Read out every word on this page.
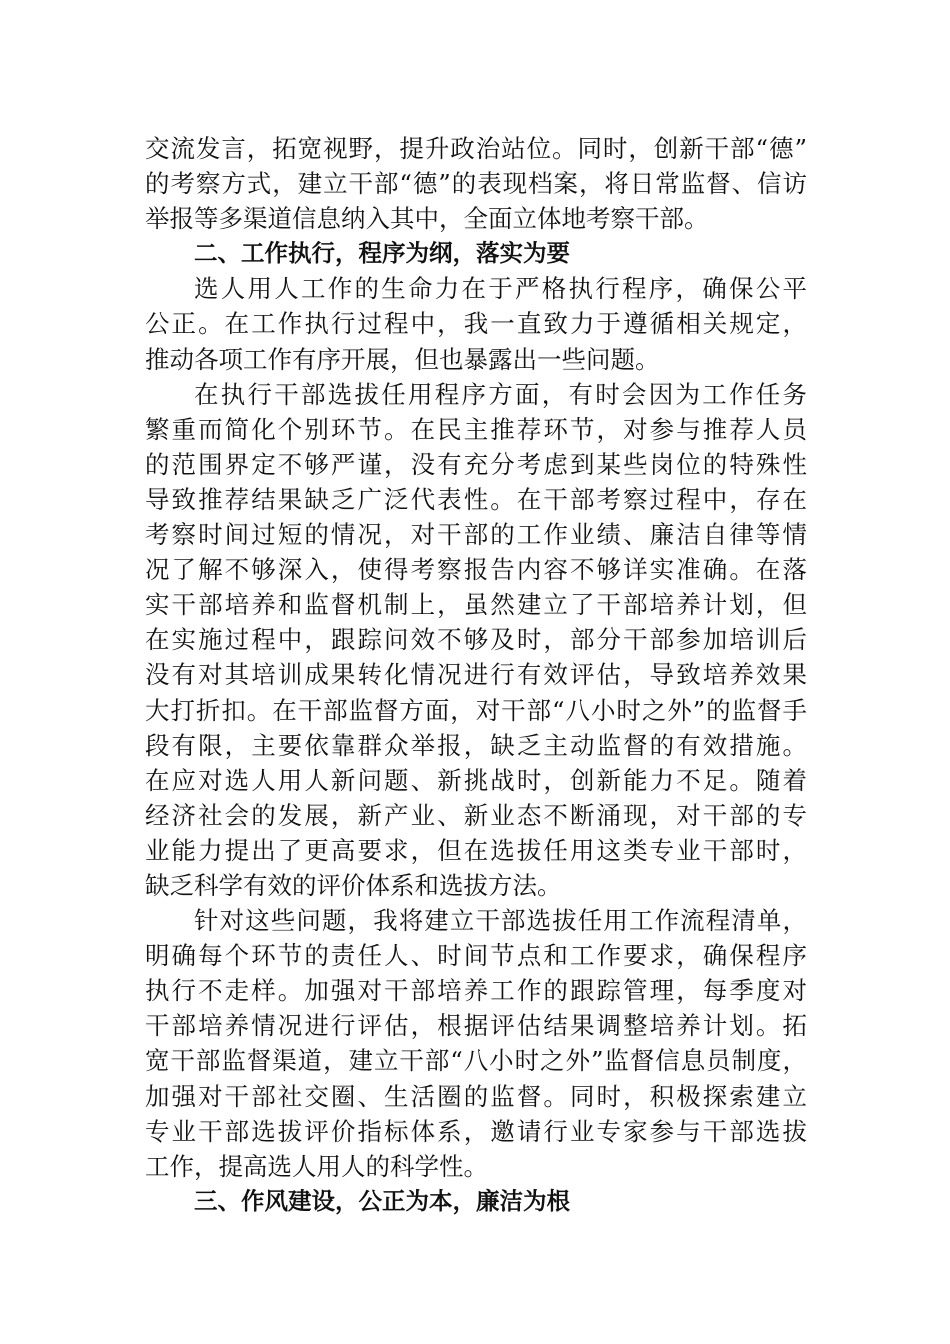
交流发言，拓宽视野，提升政治站位。同时，创新干部“德”
的考察方式，建立干部“德”的表现档案，将日常监督、信访
举报等多渠道信息纳入其中，全面立体地考察干部。
二、工作执行，程序为纲，落实为要
选人用人工作的生命力在于严格执行程序，确保公平
公正。在工作执行过程中，我一直致力于遵循相关规定，
推动各项工作有序开展，但也暴露出一些问题。
在执行干部选拔任用程序方面，有时会因为工作任务
繁重而简化个别环节。在民主推荐环节，对参与推荐人员
的范围界定不够严谨，没有充分考虑到某些岗位的特殊性
导致推荐结果缺乏广泛代表性。在干部考察过程中，存在
考察时间过短的情况，对干部的工作业绩、廉洁自律等情
况了解不够深入，使得考察报告内容不够详实准确。在落
实干部培养和监督机制上，虽然建立了干部培养计划，但
在实施过程中，跟踪问效不够及时，部分干部参加培训后
没有对其培训成果转化情况进行有效评估，导致培养效果
大打折扣。在干部监督方面，对干部“八小时之外”的监督手
段有限，主要依靠群众举报，缺乏主动监督的有效措施。
在应对选人用人新问题、新挑战时，创新能力不足。随着
经济社会的发展，新产业、新业态不断涌现，对干部的专
业能力提出了更高要求，但在选拔任用这类专业干部时，
缺乏科学有效的评价体系和选拔方法。
针对这些问题，我将建立干部选拔任用工作流程清单，
明确每个环节的责任人、时间节点和工作要求，确保程序
执行不走样。加强对干部培养工作的跟踪管理，每季度对
干部培养情况进行评估，根据评估结果调整培养计划。拓
宽干部监督渠道，建立干部“八小时之外”监督信息员制度，
加强对干部社交圈、生活圈的监督。同时，积极探索建立
专业干部选拔评价指标体系，邀请行业专家参与干部选拔
工作，提高选人用人的科学性。
三、作风建设，公正为本，廉洁为根
